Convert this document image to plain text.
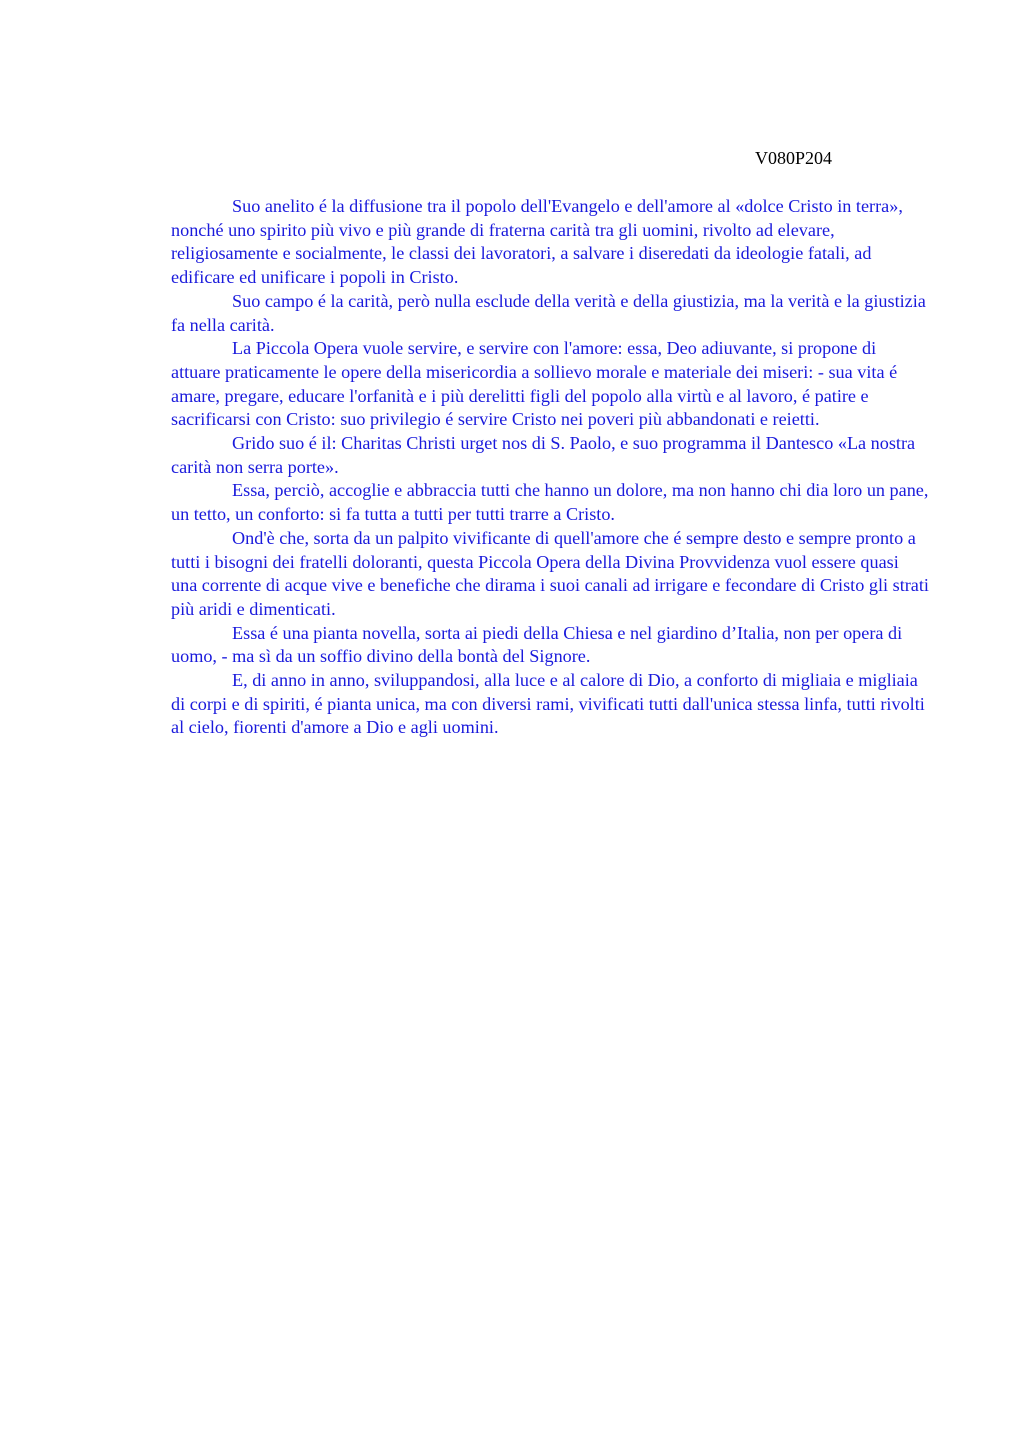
V080P204

Suo anelito é la diffusione tra il popolo dell'Evangelo e dell'amore al «dolce Cristo in terra», nonché uno spirito più vivo e più grande di fraterna carità tra gli uomini, rivolto ad elevare, religiosamente e socialmente, le classi dei lavoratori, a salvare i diseredati da ideologie fatali, ad edificare ed unificare i popoli in Cristo.

Suo campo é la carità, però nulla esclude della verità e della giustizia, ma la verità e la giustizia fa nella carità.

La Piccola Opera vuole servire, e servire con l'amore: essa, Deo adiuvante, si propone di attuare praticamente le opere della misericordia a sollievo morale e materiale dei miseri: - sua vita é amare, pregare, educare l'orfanità e i più derelitti figli del popolo alla virtù e al lavoro, é patire e sacrificarsi con Cristo: suo privilegio é servire Cristo nei poveri più abbandonati e reietti.

Grido suo é il: Charitas Christi urget nos di S. Paolo, e suo programma il Dantesco «La nostra carità non serra porte».

Essa, perciò, accoglie e abbraccia tutti che hanno un dolore, ma non hanno chi dia loro un pane, un tetto, un conforto: si fa tutta a tutti per tutti trarre a Cristo.

Ond'è che, sorta da un palpito vivificante di quell'amore che é sempre desto e sempre pronto a tutti i bisogni dei fratelli doloranti, questa Piccola Opera della Divina Provvidenza vuol essere quasi una corrente di acque vive e benefiche che dirama i suoi canali ad irrigare e fecondare di Cristo gli strati più aridi e dimenticati.

Essa é una pianta novella, sorta ai piedi della Chiesa e nel giardino d’Italia, non per opera di uomo, - ma sì da un soffio divino della bontà del Signore.

E, di anno in anno, sviluppandosi, alla luce e al calore di Dio, a conforto di migliaia e migliaia di corpi e di spiriti, é pianta unica, ma con diversi rami, vivificati tutti dall'unica stessa linfa, tutti rivolti al cielo, fiorenti d'amore a Dio e agli uomini.
